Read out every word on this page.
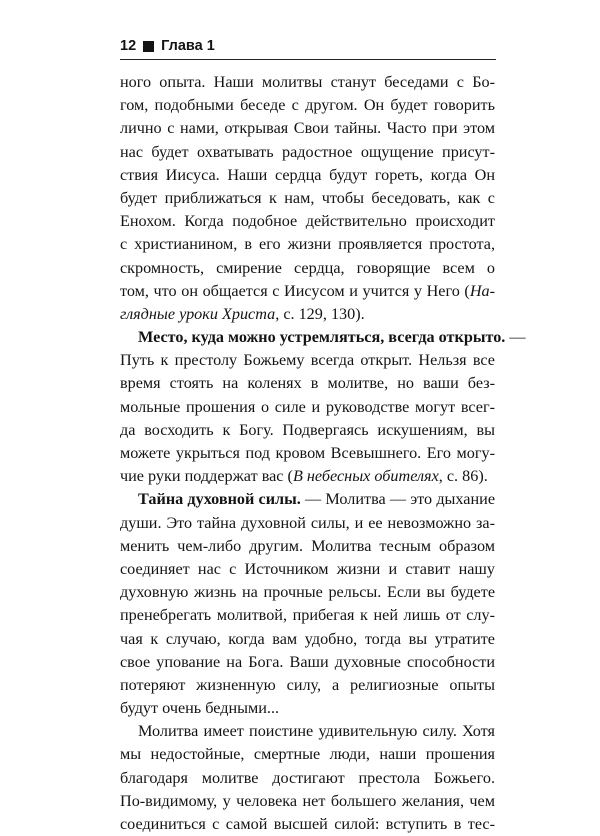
12 Глава 1
ного опыта. Наши молитвы станут беседами с Бо-
гом, подобными беседе с другом. Он будет говорить
лично с нами, открывая Свои тайны. Часто при этом
нас будет охватывать радостное ощущение присут-
ствия Иисуса. Наши сердца будут гореть, когда Он
будет приближаться к нам, чтобы беседовать, как с
Енохом. Когда подобное действительно происходит
с христианином, в его жизни проявляется простота,
скромность, смирение сердца, говорящие всем о
том, что он общается с Иисусом и учится у Него (На-
глядные уроки Христа, с. 129, 130).
Место, куда можно устремляться, всегда открыто. —
Путь к престолу Божьему всегда открыт. Нельзя все
время стоять на коленях в молитве, но ваши без-
мольные прошения о силе и руководстве могут всег-
да восходить к Богу. Подвергаясь искушениям, вы
можете укрыться под кровом Всевышнего. Его могу-
чие руки поддержат вас (В небесных обителях, с. 86).
Тайна духовной силы. — Молитва — это дыхание
души. Это тайна духовной силы, и ее невозможно за-
менить чем-либо другим. Молитва тесным образом
соединяет нас с Источником жизни и ставит нашу
духовную жизнь на прочные рельсы. Если вы будете
пренебрегать молитвой, прибегая к ней лишь от слу-
чая к случаю, когда вам удобно, тогда вы утратите
свое упование на Бога. Ваши духовные способности
потеряют жизненную силу, а религиозные опыты
будут очень бедными...
Молитва имеет поистине удивительную силу. Хотя
мы недостойные, смертные люди, наши прошения
благодаря молитве достигают престола Божьего.
По-видимому, у человека нет большего желания, чем
соединиться с самой высшей силой: вступить в тес-
